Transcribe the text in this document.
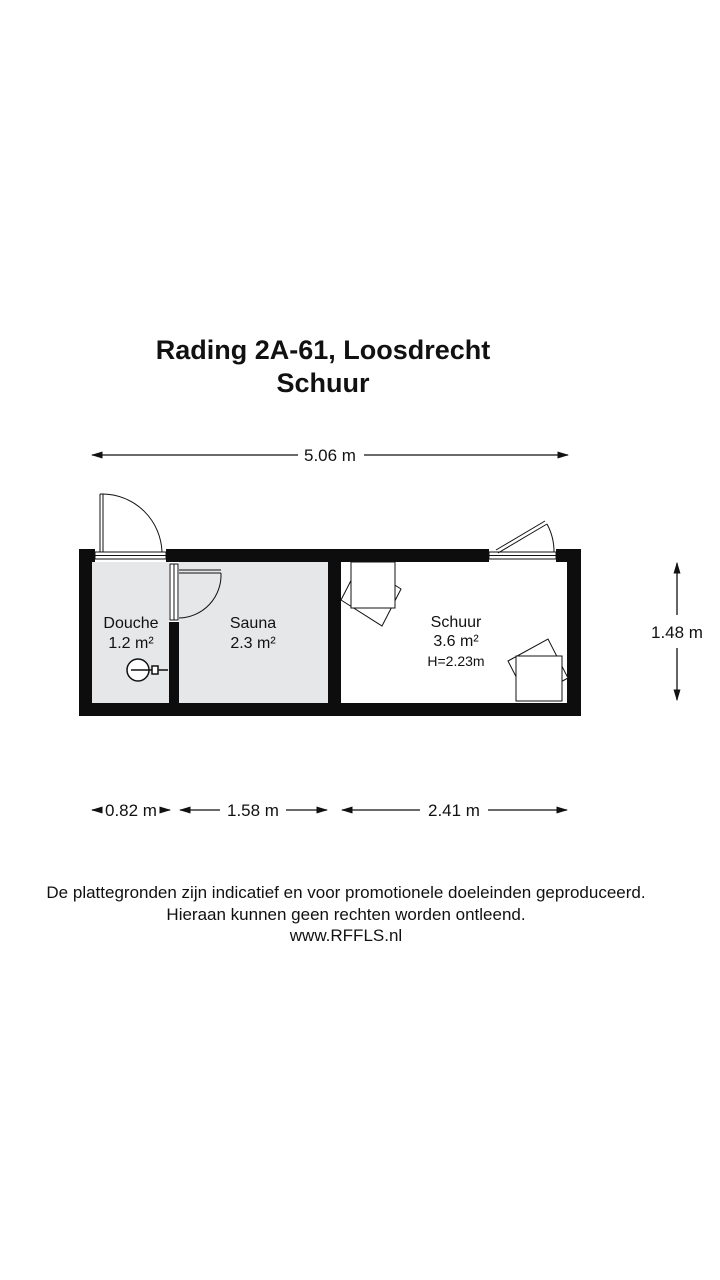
Rading 2A-61, Loosdrecht
Schuur
5.06 m
Douche
1.2 m²
Sauna
2.3 m²
Schuur
3.6 m²
H=2.23m
1.48 m
0.82 m	1.58 m	2.41 m
De plattegronden zijn indicatief en voor promotionele doeleinden geproduceerd.
Hieraan kunnen geen rechten worden ontleend.
www.RFFLS.nl
